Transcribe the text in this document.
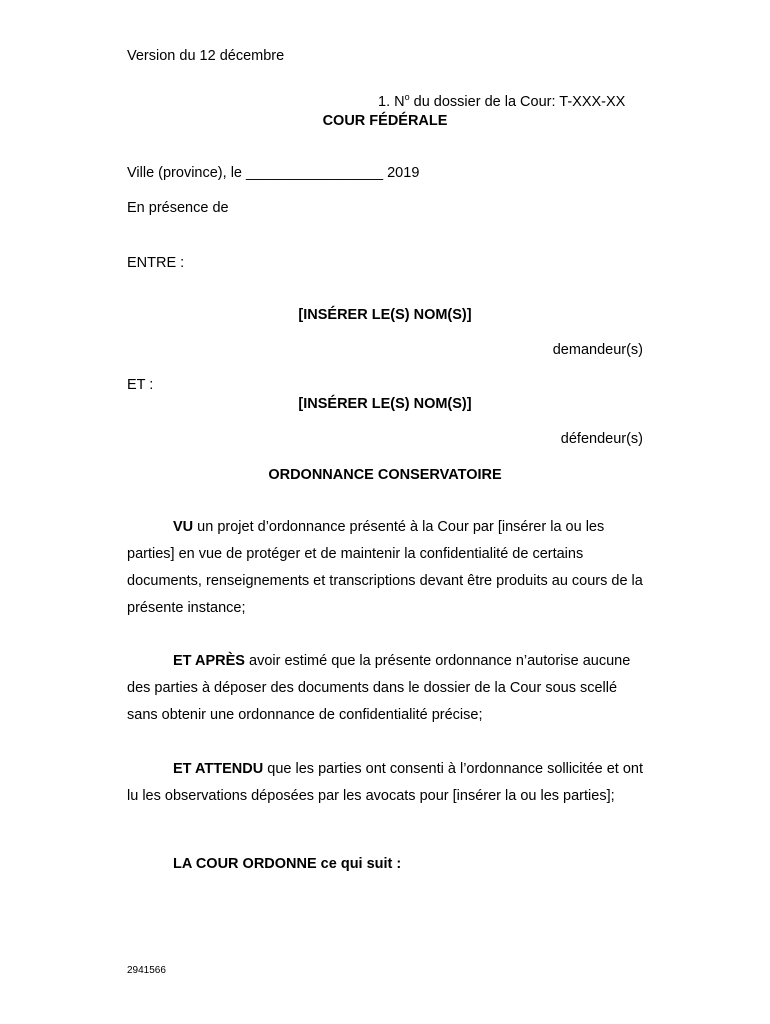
Version du 12 décembre
1. $N^o$ du dossier de la Cour: T-XXX-XX
COUR FÉDÉRALE
Ville (province), le _________________ 2019
En présence de
ENTRE :
[INSÉRER LE(S) NOM(S)]
demandeur(s)
ET :
[INSÉRER LE(S) NOM(S)]
défendeur(s)
ORDONNANCE CONSERVATOIRE
VU un projet d’ordonnance présenté à la Cour par [insérer la ou les parties] en vue de protéger et de maintenir la confidentialité de certains documents, renseignements et transcriptions devant être produits au cours de la présente instance;
ET APRÈS avoir estimé que la présente ordonnance n’autorise aucune des parties à déposer des documents dans le dossier de la Cour sous scellé sans obtenir une ordonnance de confidentialité précise;
ET ATTENDU que les parties ont consenti à l’ordonnance sollicitée et ont lu les observations déposées par les avocats pour [insérer la ou les parties];
LA COUR ORDONNE ce qui suit :
2941566
